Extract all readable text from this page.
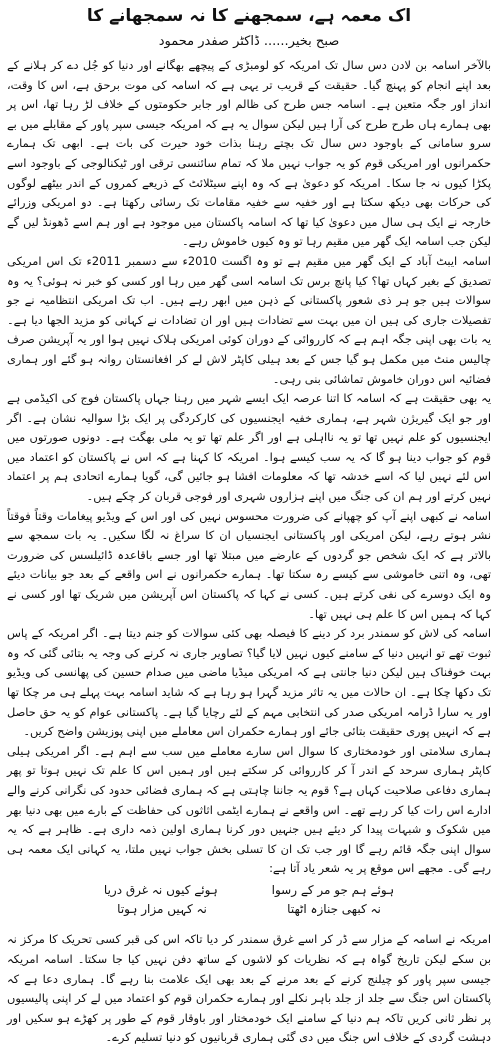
اک معمہ ہے، سمجھنے کا نہ سمجھانے کا
صبح بخیر...... ڈاکٹر صفدر محمود

بالآخر اسامہ بن لادن دس سال تک امریکہ کو لومبڑی کے پیچھے بھگانے اور دنیا کو جُل دے کر ہلانے کے بعد اپنے انجام کو پہنچ گیا۔ حقیقت کے قریب تر یہی ہے کہ اسامہ کی موت برحق ہے، اس کا وقت، انداز اور جگہ متعین ہے۔ اسامہ جس طرح کی ظالم اور جابر حکومتوں کے خلاف لڑ رہا تھا، اس پر بھی ہمارے ہاں طرح طرح کی آرا ہیں لیکن سوال یہ ہے کہ امریکہ جیسی سپر پاور کے مقابلے میں بے سرو سامانی کے باوجود دس سال تک بچتے رہنا بذات خود حیرت کی بات ہے۔ ابھی تک ہمارے حکمرانوں اور امریکی قوم کو یہ جواب نہیں ملا کہ تمام سائنسی ترقی اور ٹیکنالوجی کے باوجود اسے پکڑا کیوں نہ جا سکا۔ امریکہ کو دعویٰ ہے کہ وہ اپنے سیٹلائٹ کے ذریعے کمروں کے اندر بیٹھے لوگوں کی حرکات بھی دیکھ سکتا ہے اور خفیہ سے خفیہ مقامات تک رسائی رکھتا ہے۔ دو امریکی وزرائے خارجہ نے ایک ہی سال میں دعویٰ کیا تھا کہ اسامہ پاکستان میں موجود ہے اور ہم اسے ڈھونڈ لیں گے لیکن جب اسامہ ایک گھر میں مقیم رہا تو وہ کیوں خاموش رہے۔

اسامہ ایبٹ آباد کے ایک گھر میں مقیم ہے تو وہ اگست 2010ء سے دسمبر 2011ء تک اس امریکی تصدیق کے بغیر کہاں تھا؟ کیا پانچ برس تک اسامہ اسی گھر میں رہا اور کسی کو خبر نہ ہوئی؟ یہ وہ سوالات ہیں جو ہر ذی شعور پاکستانی کے ذہن میں ابھر رہے ہیں۔ اب تک امریکی انتظامیہ نے جو تفصیلات جاری کی ہیں ان میں بہت سے تضادات ہیں اور ان تضادات نے کہانی کو مزید الجھا دیا ہے۔ یہ بات بھی اپنی جگہ اہم ہے کہ کارروائی کے دوران کوئی امریکی ہلاک نہیں ہوا اور یہ آپریشن صرف چالیس منٹ میں مکمل ہو گیا جس کے بعد ہیلی کاپٹر لاش لے کر افغانستان روانہ ہو گئے اور ہماری فضائیہ اس دوران خاموش تماشائی بنی رہی۔

یہ بھی حقیقت ہے کہ اسامہ کا اتنا عرصہ ایک ایسے شہر میں رہنا جہاں پاکستان فوج کی اکیڈمی ہے اور جو ایک گیریژن شہر ہے، ہماری خفیہ ایجنسیوں کی کارکردگی پر ایک بڑا سوالیہ نشان ہے۔ اگر ایجنسیوں کو علم نہیں تھا تو یہ نااہلی ہے اور اگر علم تھا تو یہ ملی بھگت ہے۔ دونوں صورتوں میں قوم کو جواب دینا ہو گا کہ یہ سب کیسے ہوا۔ امریکہ کا کہنا ہے کہ اس نے پاکستان کو اعتماد میں اس لئے نہیں لیا کہ اسے خدشہ تھا کہ معلومات افشا ہو جائیں گی، گویا ہمارے اتحادی ہم پر اعتماد نہیں کرتے اور ہم ان کی جنگ میں اپنے ہزاروں شہری اور فوجی قربان کر چکے ہیں۔

اسامہ نے کبھی اپنے آپ کو چھپانے کی ضرورت محسوس نہیں کی اور اس کے ویڈیو پیغامات وقتاً فوقتاً نشر ہوتے رہے، لیکن امریکی اور پاکستانی ایجنسیاں ان کا سراغ نہ لگا سکیں۔ یہ بات سمجھ سے بالاتر ہے کہ ایک شخص جو گردوں کے عارضے میں مبتلا تھا اور جسے باقاعدہ ڈائیلسس کی ضرورت تھی، وہ اتنی خاموشی سے کیسے رہ سکتا تھا۔ ہمارے حکمرانوں نے اس واقعے کے بعد جو بیانات دیئے وہ ایک دوسرے کی نفی کرتے ہیں۔ کسی نے کہا کہ پاکستان اس آپریشن میں شریک تھا اور کسی نے کہا کہ ہمیں اس کا علم ہی نہیں تھا۔

اسامہ کی لاش کو سمندر برد کر دینے کا فیصلہ بھی کئی سوالات کو جنم دیتا ہے۔ اگر امریکہ کے پاس ثبوت تھے تو انہیں دنیا کے سامنے کیوں نہیں لایا گیا؟ تصاویر جاری نہ کرنے کی وجہ یہ بتائی گئی کہ وہ بہت خوفناک ہیں لیکن دنیا جانتی ہے کہ امریکی میڈیا ماضی میں صدام حسین کی پھانسی کی ویڈیو تک دکھا چکا ہے۔ ان حالات میں یہ تاثر مزید گہرا ہو رہا ہے کہ شاید اسامہ بہت پہلے ہی مر چکا تھا اور یہ سارا ڈرامہ امریکی صدر کی انتخابی مہم کے لئے رچایا گیا ہے۔ پاکستانی عوام کو یہ حق حاصل ہے کہ انہیں پوری حقیقت بتائی جائے اور ہمارے حکمران اس معاملے میں اپنی پوزیشن واضح کریں۔

ہماری سلامتی اور خودمختاری کا سوال اس سارے معاملے میں سب سے اہم ہے۔ اگر امریکی ہیلی کاپٹر ہماری سرحد کے اندر آ کر کارروائی کر سکتے ہیں اور ہمیں اس کا علم تک نہیں ہوتا تو پھر ہماری دفاعی صلاحیت کہاں ہے؟ قوم یہ جاننا چاہتی ہے کہ ہماری فضائی حدود کی نگرانی کرنے والے ادارے اس رات کیا کر رہے تھے۔ اس واقعے نے ہمارے ایٹمی اثاثوں کی حفاظت کے بارے میں بھی دنیا بھر میں شکوک و شبہات پیدا کر دیئے ہیں جنہیں دور کرنا ہماری اولین ذمہ داری ہے۔ ظاہر ہے کہ یہ سوال اپنی جگہ قائم رہے گا اور جب تک ان کا تسلی بخش جواب نہیں ملتا، یہ کہانی ایک معمہ ہی رہے گی۔ مجھے اس موقع پر یہ شعر یاد آتا ہے:

ہوئے ہم جو مر کے رسوا
ہوئے کیوں نہ غرق دریا
نہ کبھی جنازہ اٹھتا
نہ کہیں مزار ہوتا

امریکہ نے اسامہ کے مزار سے ڈر کر اسے غرق سمندر کر دیا تاکہ اس کی قبر کسی تحریک کا مرکز نہ بن سکے لیکن تاریخ گواہ ہے کہ نظریات کو لاشوں کے ساتھ دفن نہیں کیا جا سکتا۔ اسامہ امریکہ جیسی سپر پاور کو چیلنج کرنے کے بعد مرنے کے بعد بھی ایک علامت بنا رہے گا۔ ہماری دعا ہے کہ پاکستان اس جنگ سے جلد از جلد باہر نکلے اور ہمارے حکمران قوم کو اعتماد میں لے کر اپنی پالیسیوں پر نظر ثانی کریں تاکہ ہم دنیا کے سامنے ایک خودمختار اور باوقار قوم کے طور پر کھڑے ہو سکیں اور دہشت گردی کے خلاف اس جنگ میں دی گئی ہماری قربانیوں کو دنیا تسلیم کرے۔
